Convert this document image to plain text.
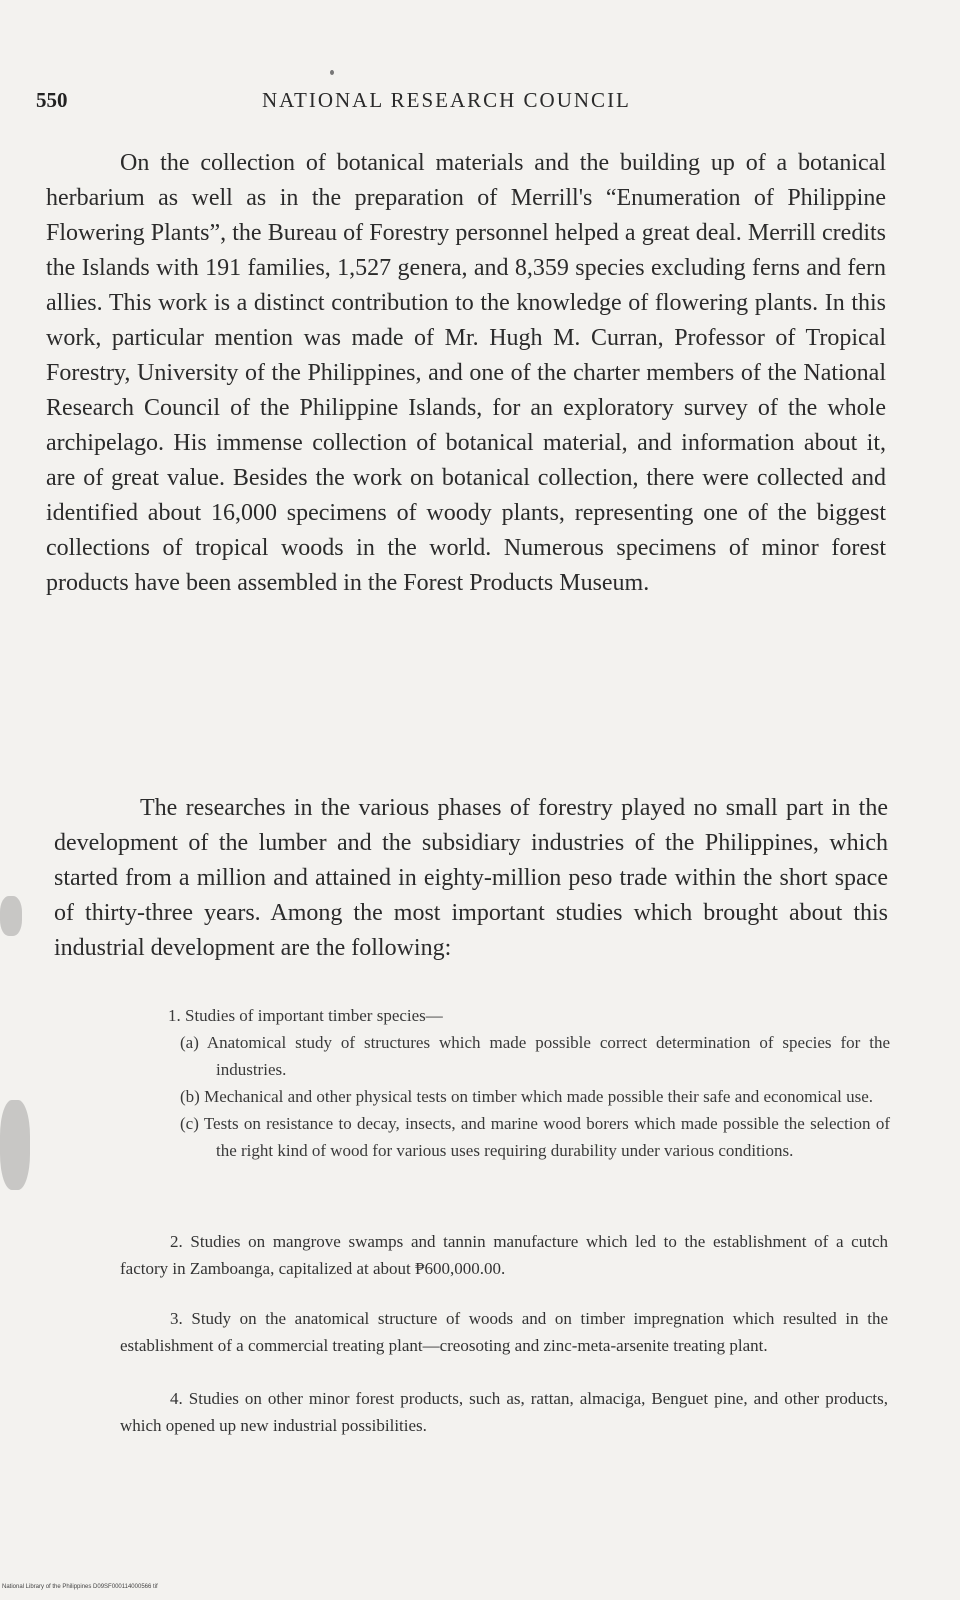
550	NATIONAL RESEARCH COUNCIL

On the collection of botanical materials and the building up of a botanical herbarium as well as in the preparation of Merrill's “Enumeration of Philippine Flowering Plants”, the Bureau of Forestry personnel helped a great deal. Merrill credits the Islands with 191 families, 1,527 genera, and 8,359 species excluding ferns and fern allies. This work is a distinct contribution to the knowledge of flowering plants. In this work, particular mention was made of Mr. Hugh M. Curran, Professor of Tropical Forestry, University of the Philippines, and one of the charter members of the National Research Council of the Philippine Islands, for an exploratory survey of the whole archipelago. His immense collection of botanical material, and information about it, are of great value. Besides the work on botanical collection, there were collected and identified about 16,000 specimens of woody plants, representing one of the biggest collections of tropical woods in the world. Numerous specimens of minor forest products have been assembled in the Forest Products Museum.

The researches in the various phases of forestry played no small part in the development of the lumber and the subsidiary industries of the Philippines, which started from a million and attained in eighty-million peso trade within the short space of thirty-three years. Among the most important studies which brought about this industrial development are the following:

1. Studies of important timber species—

(a) Anatomical study of structures which made possible correct determination of species for the industries.

(b) Mechanical and other physical tests on timber which made possible their safe and economical use.

(c) Tests on resistance to decay, insects, and marine wood borers which made possible the selection of the right kind of wood for various uses requiring durability under various conditions.

2. Studies on mangrove swamps and tannin manufacture which led to the establishment of a cutch factory in Zamboanga, capitalized at about ₱600,000.00.

3. Study on the anatomical structure of woods and on timber impregnation which resulted in the establishment of a commercial treating plant—creosoting and zinc-meta-arsenite treating plant.

4. Studies on other minor forest products, such as, rattan, almaciga, Benguet pine, and other products, which opened up new industrial possibilities.

National Library of the Philippines D09SF000114000566 tif
